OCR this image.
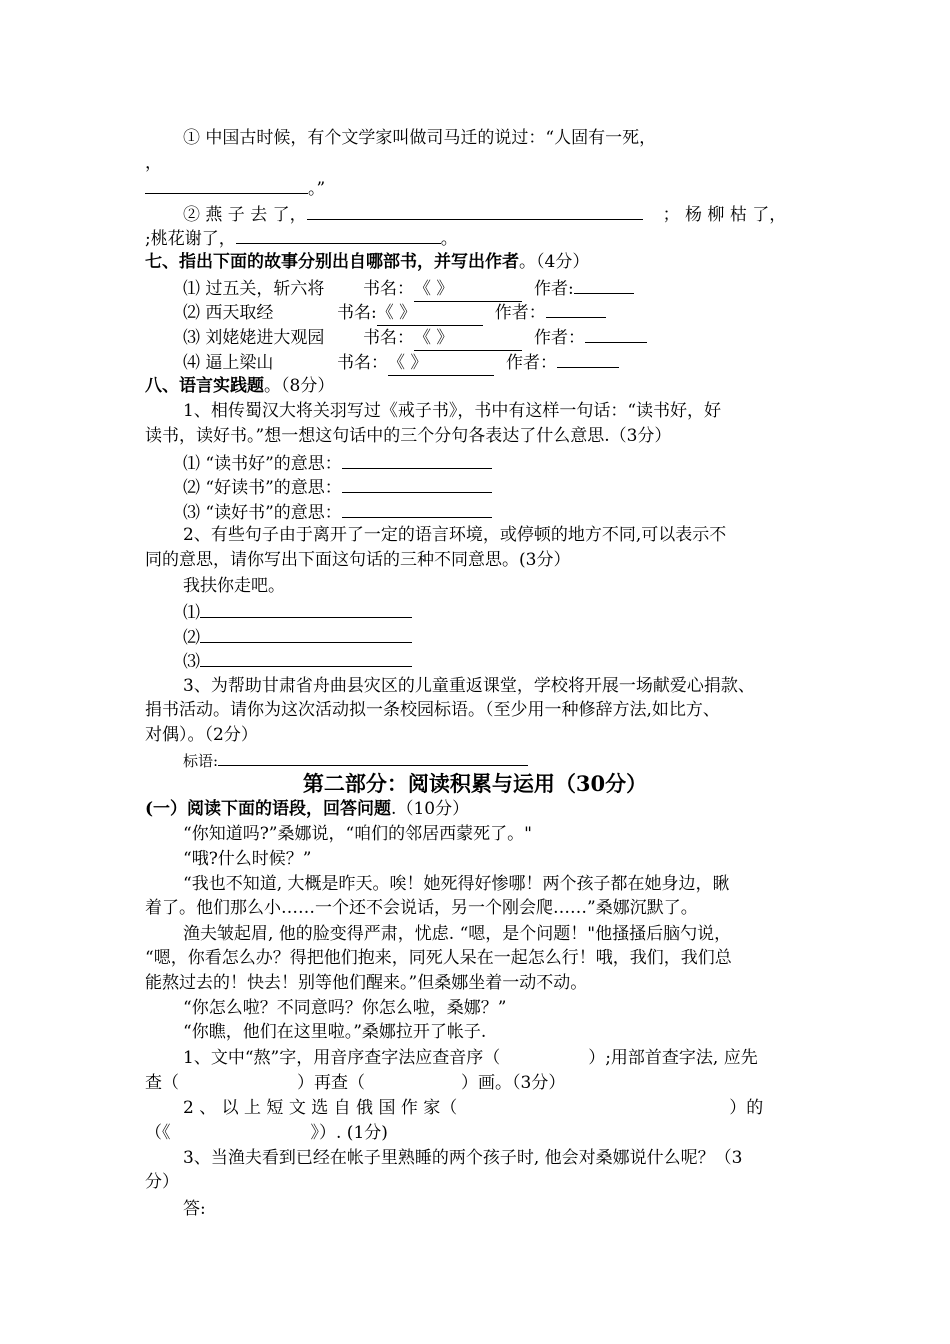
① 中国古时候，有个文学家叫做司马迁的说过：“人固有一死，
，
。”
② 燕 子 去 了，	； 杨 柳 枯 了，
;桃花谢了，	。
七、指出下面的故事分别出自哪部书，并写出作者。（4分）
⑴ 过五关，斩六将 书名：《 》	作者:
⑵ 西天取经	书名:《 》	作者：
⑶ 刘姥姥进大观园 书名：《 》	作者：
⑷ 逼上梁山	书名：《 》	作者：
八、语言实践题。（8分）
1、相传蜀汉大将关羽写过《戒子书》，书中有这样一句话：“读书好，好
读书，读好书。”想一想这句话中的三个分句各表达了什么意思.（3分）
⑴ “读书好”的意思：
⑵ “好读书”的意思：
⑶ “读好书”的意思：
2、有些句子由于离开了一定的语言环境，或停顿的地方不同,可以表示不
同的意思，请你写出下面这句话的三种不同意思。(3分）
我扶你走吧。
⑴
⑵
⑶
3、为帮助甘肃省舟曲县灾区的儿童重返课堂，学校将开展一场献爱心捐款、
捐书活动。请你为这次活动拟一条校园标语。（至少用一种修辞方法,如比方、
对偶）。（2分）
标语:
第二部分：阅读积累与运用（30分）
(一）阅读下面的语段，回答问题.（10分）
“你知道吗?”桑娜说，“咱们的邻居西蒙死了。"
“哦?什么时候？”
“我也不知道, 大概是昨天。唉！她死得好惨哪！两个孩子都在她身边，瞅
着了。他们那么小……一个还不会说话，另一个刚会爬……”桑娜沉默了。
渔夫皱起眉, 他的脸变得严肃，忧虑. “嗯，是个问题！"他搔搔后脑勺说，
“嗯，你看怎么办？得把他们抱来，同死人呆在一起怎么行！哦，我们，我们总
能熬过去的！快去！别等他们醒来。”但桑娜坐着一动不动。
“你怎么啦？不同意吗？你怎么啦，桑娜？”
“你瞧，他们在这里啦。”桑娜拉开了帐子.
1、文中“熬”字，用音序查字法应查音序（	）;用部首查字法, 应先
查（	）再查（	）画。（3分）
2 、 以 上 短 文 选 自 俄 国 作 家（	）的
（《	》）. (1分)
3、当渔夫看到已经在帐子里熟睡的两个孩子时, 他会对桑娜说什么呢？（3
分）
答:
